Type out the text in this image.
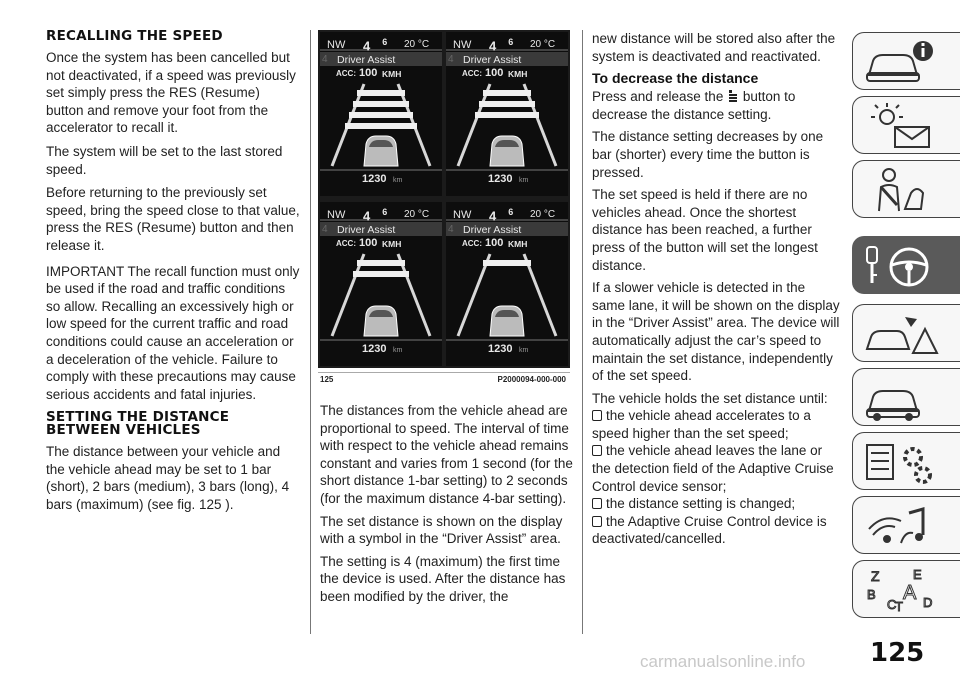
RECALLING THE SPEED

Once the system has been cancelled but not deactivated, if a speed was previously set simply press the RES (Resume) button and remove your foot from the accelerator to recall it.

The system will be set to the last stored speed.

Before returning to the previously set speed, bring the speed close to that value, press the RES (Resume) button and then release it.

IMPORTANT The recall function must only be used if the road and traffic conditions so allow. Recalling an excessively high or low speed for the current traffic and road conditions could cause an acceleration or a deceleration of the vehicle. Failure to comply with these precautions may cause serious accidents and fatal injuries.

SETTING THE DISTANCE BETWEEN VEHICLES

The distance between your vehicle and the vehicle ahead may be set to 1 bar (short), 2 bars (medium), 3 bars (long), 4 bars (maximum) (see fig. 125 ).

NW 4 $^6$ 20 °C
4 Driver Assist
ACC: 100 KMH
1230 km
NW 4 $^6$ 20 °C
4 Driver Assist
ACC: 100 KMH
1230 km
NW 4 $^6$ 20 °C
4 Driver Assist
ACC: 100 KMH
1230 km
NW 4 $^6$ 20 °C
4 Driver Assist
ACC: 100 KMH
1230 km
125	P2000094-000-000

The distances from the vehicle ahead are proportional to speed. The interval of time with respect to the vehicle ahead remains constant and varies from 1 second (for the short distance 1-bar setting) to 2 seconds (for the maximum distance 4-bar setting).

The set distance is shown on the display with a symbol in the “Driver Assist” area.

The setting is 4 (maximum) the first time the device is used. After the distance has been modified by the driver, the

new distance will be stored also after the system is deactivated and reactivated.

To decrease the distance

Press and release the button to decrease the distance setting.

The distance setting decreases by one bar (shorter) every time the button is pressed.

The set speed is held if there are no vehicles ahead. Once the shortest distance has been reached, a further press of the button will set the longest distance.

If a slower vehicle is detected in the same lane, it will be shown on the display in the “Driver Assist” area. The device will automatically adjust the car’s speed to maintain the set distance, independently of the set speed.

The vehicle holds the set distance until:

the vehicle ahead accelerates to a speed higher than the set speed;
the vehicle ahead leaves the lane or the detection field of the Adaptive Cruise Control device sensor;
the distance setting is changed;
the Adaptive Cruise Control device is deactivated/cancelled.
Z	E
A
B
C
T D
125
carmanualsonline.info
